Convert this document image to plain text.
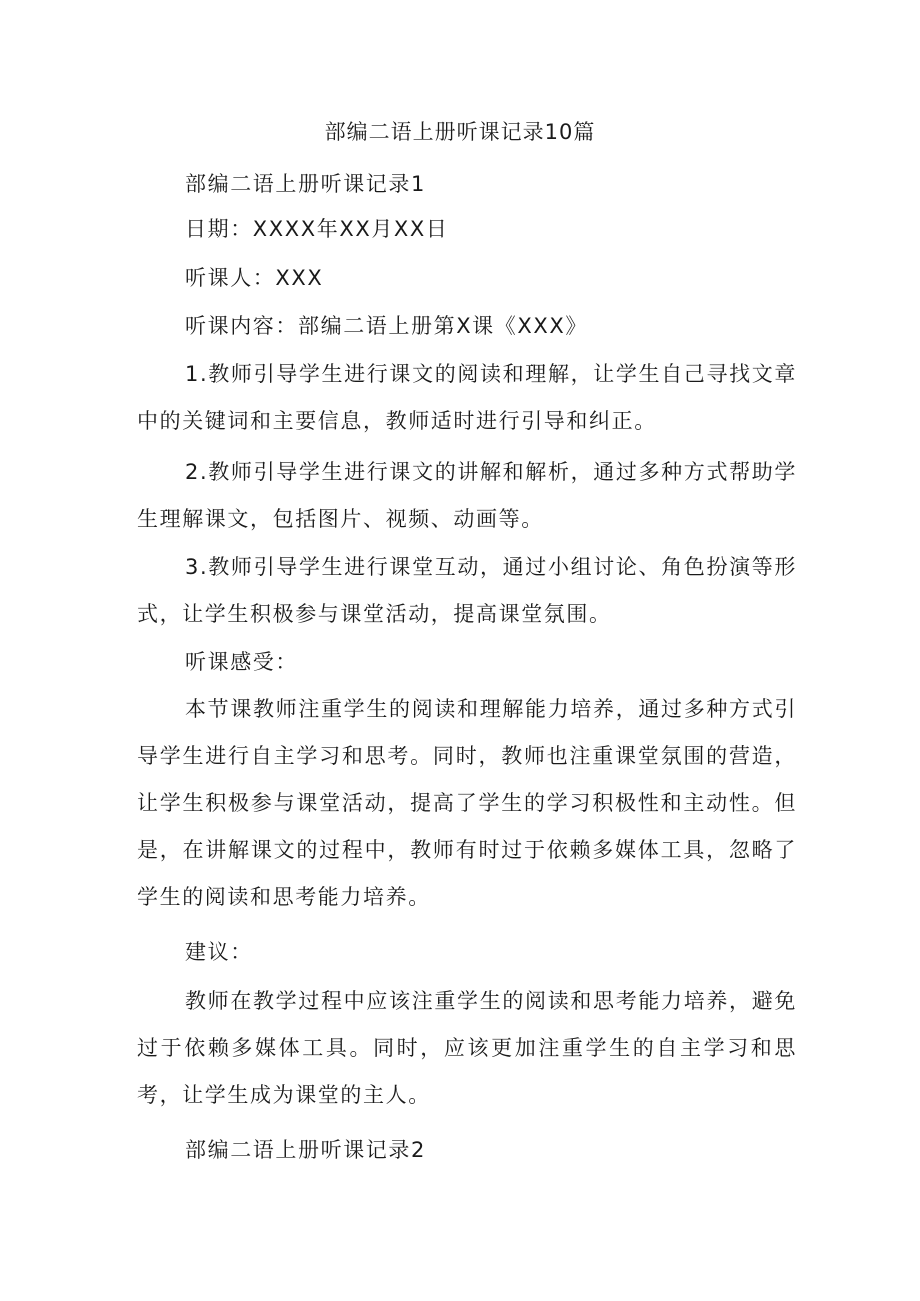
部编二语上册听课记录10篇
部编二语上册听课记录1
日期：XXXX年XX月XX日
听课人：XXX
听课内容：部编二语上册第X课《XXX》
1.教师引导学生进行课文的阅读和理解，让学生自己寻找文章中的关键词和主要信息，教师适时进行引导和纠正。
2.教师引导学生进行课文的讲解和解析，通过多种方式帮助学生理解课文，包括图片、视频、动画等。
3.教师引导学生进行课堂互动，通过小组讨论、角色扮演等形式，让学生积极参与课堂活动，提高课堂氛围。
听课感受：
本节课教师注重学生的阅读和理解能力培养，通过多种方式引导学生进行自主学习和思考。同时，教师也注重课堂氛围的营造，让学生积极参与课堂活动，提高了学生的学习积极性和主动性。但是，在讲解课文的过程中，教师有时过于依赖多媒体工具，忽略了学生的阅读和思考能力培养。
建议：
教师在教学过程中应该注重学生的阅读和思考能力培养，避免过于依赖多媒体工具。同时，应该更加注重学生的自主学习和思考，让学生成为课堂的主人。
部编二语上册听课记录2
